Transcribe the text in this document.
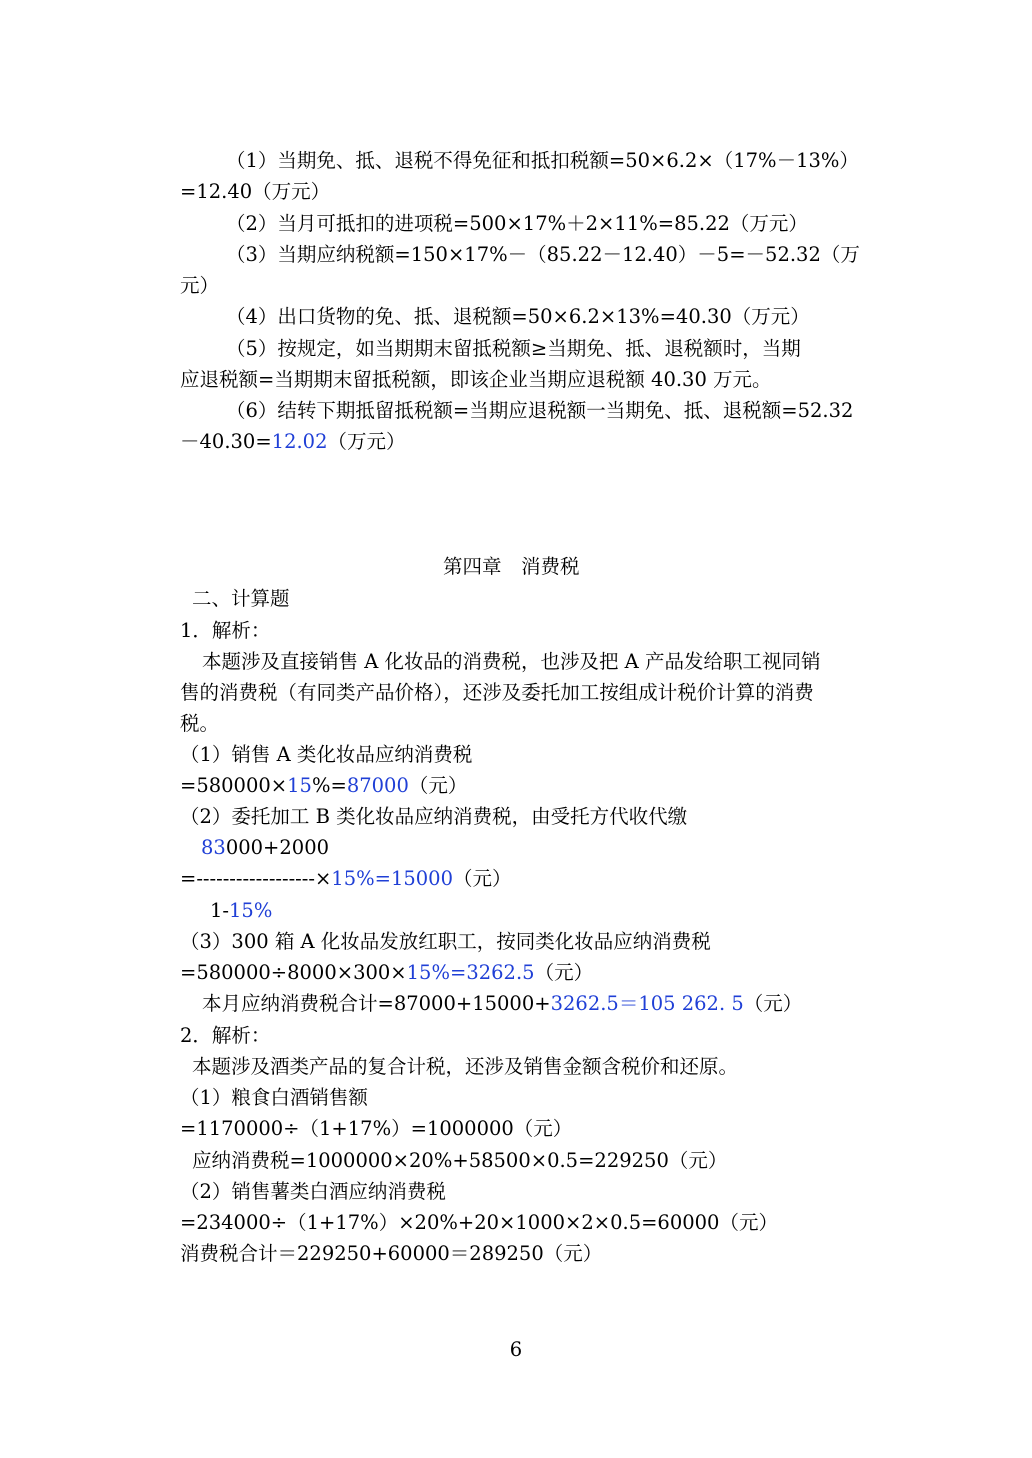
（1）当期免、抵、退税不得免征和抵扣税额=50×6.2×（17%－13%）
=12.40（万元）
（2）当月可抵扣的进项税=500×17%＋2×11%=85.22（万元）
（3）当期应纳税额=150×17%－（85.22－12.40）－5=－52.32（万
元）
（4）出口货物的免、抵、退税额=50×6.2×13%=40.30（万元）
（5）按规定，如当期期末留抵税额≥当期免、抵、退税额时，当期
应退税额=当期期末留抵税额，即该企业当期应退税额 40.30 万元。
（6）结转下期抵留抵税额=当期应退税额一当期免、抵、退税额=52.32
－40.30=12.02（万元）
第四章　消费税
二、计算题
1．解析：
本题涉及直接销售 A 化妆品的消费税，也涉及把 A 产品发给职工视同销
售的消费税（有同类产品价格），还涉及委托加工按组成计税价计算的消费
税。
（1）销售 A 类化妆品应纳消费税
=580000×15%=87000（元）
（2）委托加工 B 类化妆品应纳消费税，由受托方代收代缴
83000+2000
=------------------×15%=15000（元）
1-15%
（3）300 箱 A 化妆品发放红职工，按同类化妆品应纳消费税
=580000÷8000×300×15%=3262.5（元）
本月应纳消费税合计=87000+15000+3262.5＝105 262. 5（元）
2．解析：
本题涉及酒类产品的复合计税，还涉及销售金额含税价和还原。
（1）粮食白酒销售额
=1170000÷（1+17%）=1000000（元）
应纳消费税=1000000×20%+58500×0.5=229250（元）
（2）销售薯类白酒应纳消费税
=234000÷（1+17%）×20%+20×1000×2×0.5=60000（元）
消费税合计＝229250+60000＝289250（元）
6
